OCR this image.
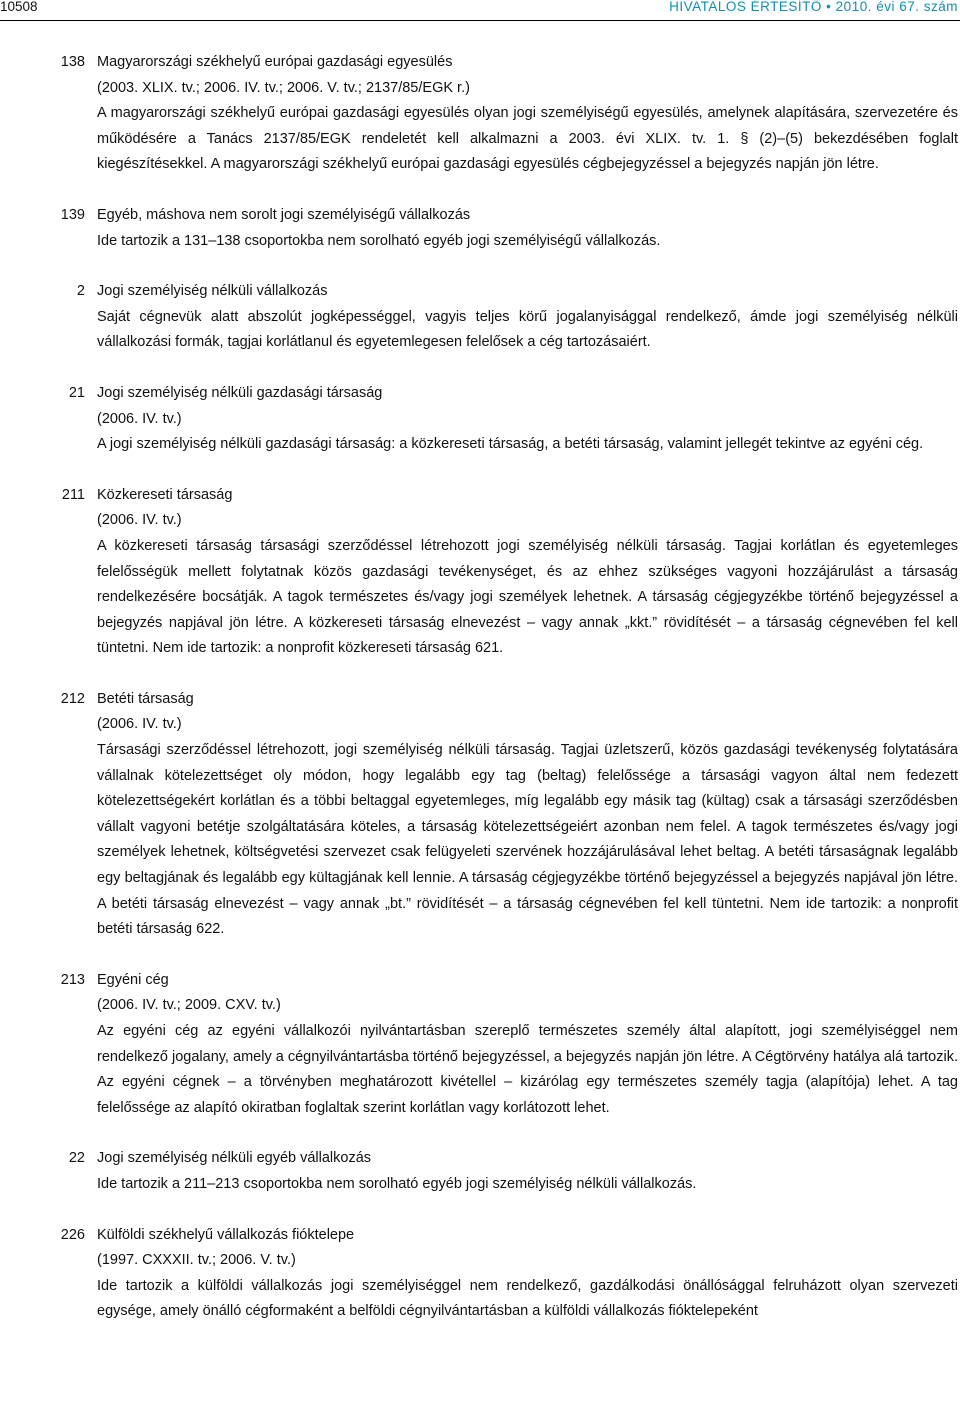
10508	HIVATALOS ÉRTESÍTŐ • 2010. évi 67. szám
138 Magyarországi székhelyű európai gazdasági egyesülés
(2003. XLIX. tv.; 2006. IV. tv.; 2006. V. tv.; 2137/85/EGK r.)

A magyarországi székhelyű európai gazdasági egyesülés olyan jogi személyiségű egyesülés, amelynek alapítására, szervezetére és működésére a Tanács 2137/85/EGK rendeletét kell alkalmazni a 2003. évi XLIX. tv. 1. § (2)–(5) bekezdésében foglalt kiegészítésekkel. A magyarországi székhelyű európai gazdasági egyesülés cégbejegyzéssel a bejegyzés napján jön létre.

139 Egyéb, máshova nem sorolt jogi személyiségű vállalkozás

Ide tartozik a 131–138 csoportokba nem sorolható egyéb jogi személyiségű vállalkozás.

2 Jogi személyiség nélküli vállalkozás

Saját cégnevük alatt abszolút jogképességgel, vagyis teljes körű jogalanyisággal rendelkező, ámde jogi személyiség nélküli vállalkozási formák, tagjai korlátlanul és egyetemlegesen felelősek a cég tartozásaiért.

21 Jogi személyiség nélküli gazdasági társaság
(2006. IV. tv.)

A jogi személyiség nélküli gazdasági társaság: a közkereseti társaság, a betéti társaság, valamint jellegét tekintve az egyéni cég.

211 Közkereseti társaság
(2006. IV. tv.)

A közkereseti társaság társasági szerződéssel létrehozott jogi személyiség nélküli társaság. Tagjai korlátlan és egyetemleges felelősségük mellett folytatnak közös gazdasági tevékenységet, és az ehhez szükséges vagyoni hozzájárulást a társaság rendelkezésére bocsátják. A tagok természetes és/vagy jogi személyek lehetnek. A társaság cégjegyzékbe történő bejegyzéssel a bejegyzés napjával jön létre. A közkereseti társaság elnevezést – vagy annak „kkt.” rövidítését – a társaság cégnevében fel kell tüntetni. Nem ide tartozik: a nonprofit közkereseti társaság 621.

212 Betéti társaság
(2006. IV. tv.)

Társasági szerződéssel létrehozott, jogi személyiség nélküli társaság. Tagjai üzletszerű, közös gazdasági tevékenység folytatására vállalnak kötelezettséget oly módon, hogy legalább egy tag (beltag) felelőssége a társasági vagyon által nem fedezett kötelezettségekért korlátlan és a többi beltaggal egyetemleges, míg legalább egy másik tag (kültag) csak a társasági szerződésben vállalt vagyoni betétje szolgáltatására köteles, a társaság kötelezettségeiért azonban nem felel. A tagok természetes és/vagy jogi személyek lehetnek, költségvetési szervezet csak felügyeleti szervének hozzájárulásával lehet beltag. A betéti társaságnak legalább egy beltagjának és legalább egy kültagjának kell lennie. A társaság cégjegyzékbe történő bejegyzéssel a bejegyzés napjával jön létre. A betéti társaság elnevezést – vagy annak „bt.” rövidítését – a társaság cégnevében fel kell tüntetni. Nem ide tartozik: a nonprofit betéti társaság 622.

213 Egyéni cég
(2006. IV. tv.; 2009. CXV. tv.)

Az egyéni cég az egyéni vállalkozói nyilvántartásban szereplő természetes személy által alapított, jogi személyiséggel nem rendelkező jogalany, amely a cégnyilvántartásba történő bejegyzéssel, a bejegyzés napján jön létre. A Cégtörvény hatálya alá tartozik. Az egyéni cégnek – a törvényben meghatározott kivétellel – kizárólag egy természetes személy tagja (alapítója) lehet. A tag felelőssége az alapító okiratban foglaltak szerint korlátlan vagy korlátozott lehet.

22 Jogi személyiség nélküli egyéb vállalkozás

Ide tartozik a 211–213 csoportokba nem sorolható egyéb jogi személyiség nélküli vállalkozás.

226 Külföldi székhelyű vállalkozás fióktelepe
(1997. CXXXII. tv.; 2006. V. tv.)

Ide tartozik a külföldi vállalkozás jogi személyiséggel nem rendelkező, gazdálkodási önállósággal felruházott olyan szervezeti egysége, amely önálló cégformaként a belföldi cégnyilvántartásban a külföldi vállalkozás fióktelepeként
